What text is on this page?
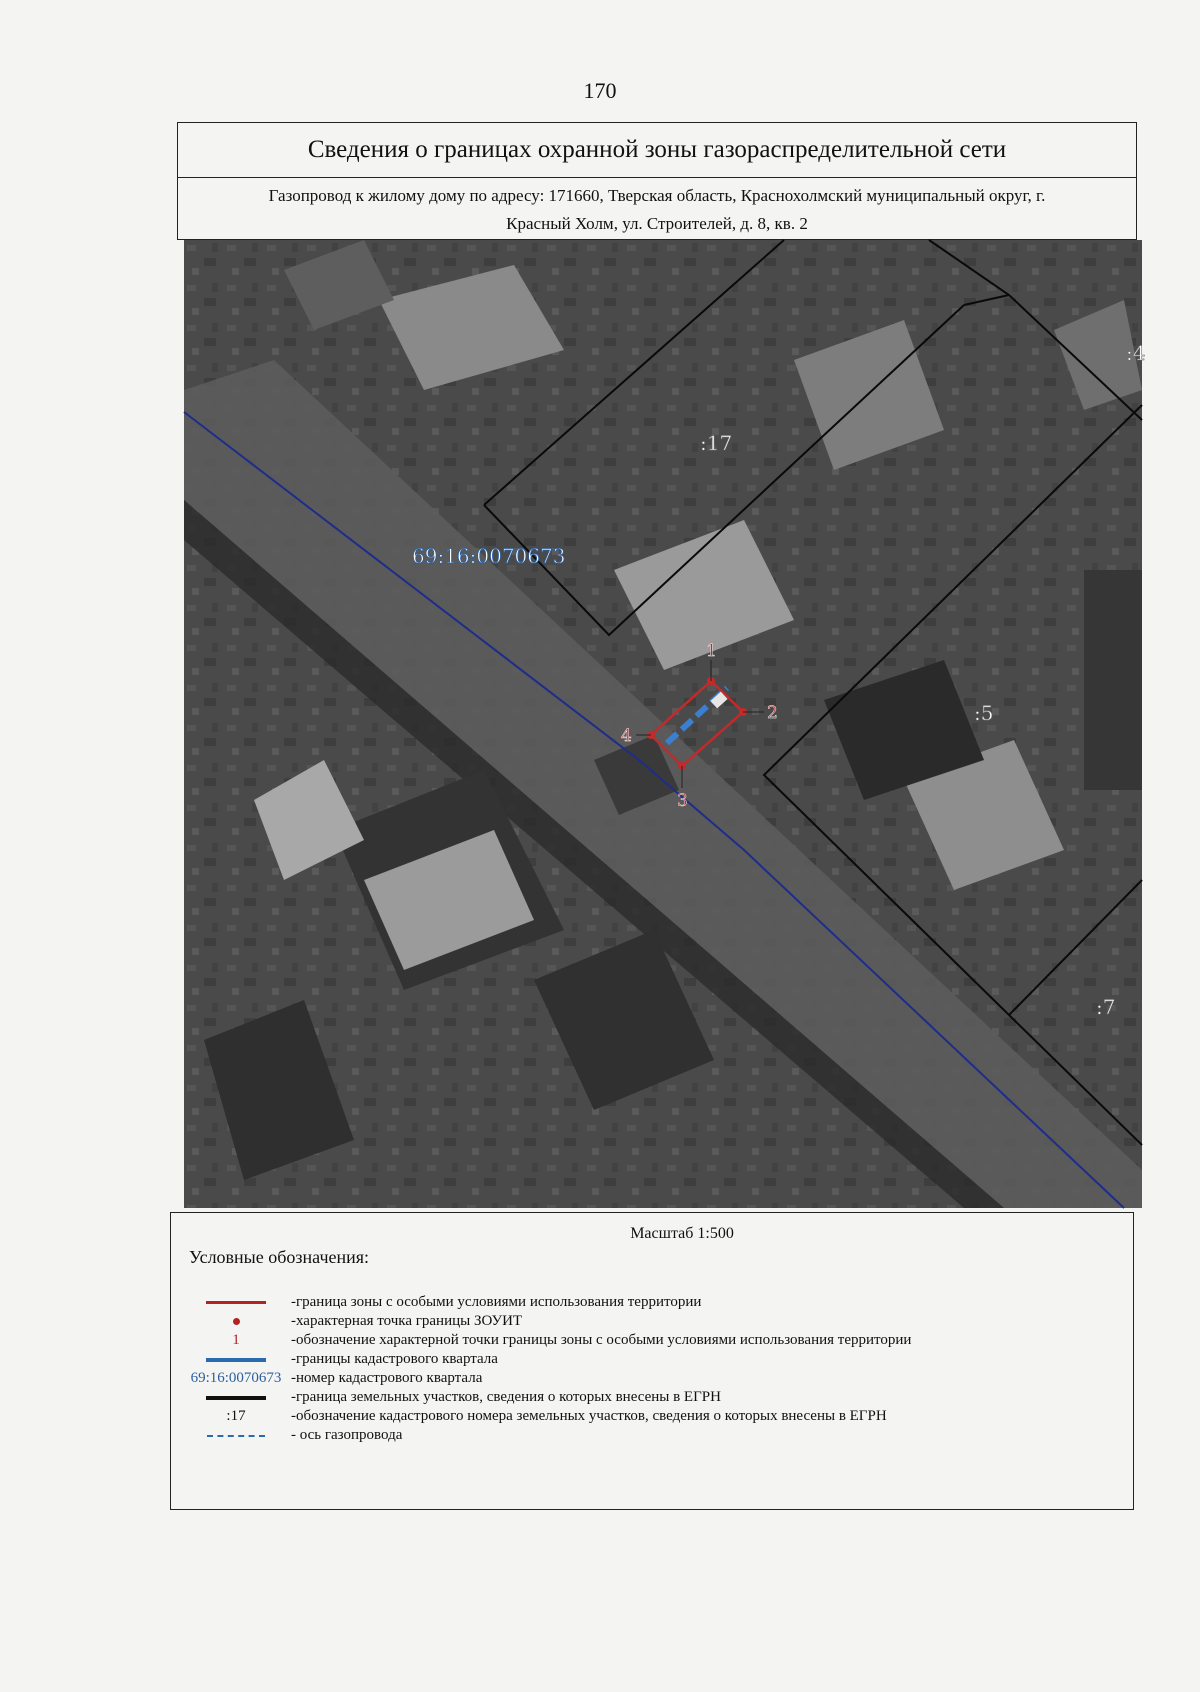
170
Сведения о границах охранной зоны газораспределительной сети
Газопровод к жилому дому по адресу: 171660, Тверская область, Краснохолмский муниципальный округ, г.
Красный Холм, ул. Строителей, д. 8, кв. 2
:17
:5
:7
:4
69:16:0070673
1
2
3
4
Масштаб 1:500
Условные обозначения:
-граница зоны с особыми условиями использования территории
-характерная точка границы ЗОУИТ
1	-обозначение характерной точки границы зоны с особыми условиями использования территории
-границы кадастрового квартала
69:16:0070673 -номер кадастрового квартала
-граница земельных участков, сведения о которых внесены в ЕГРН
:17	-обозначение кадастрового номера земельных участков, сведения о которых внесены в ЕГРН
- ось газопровода
